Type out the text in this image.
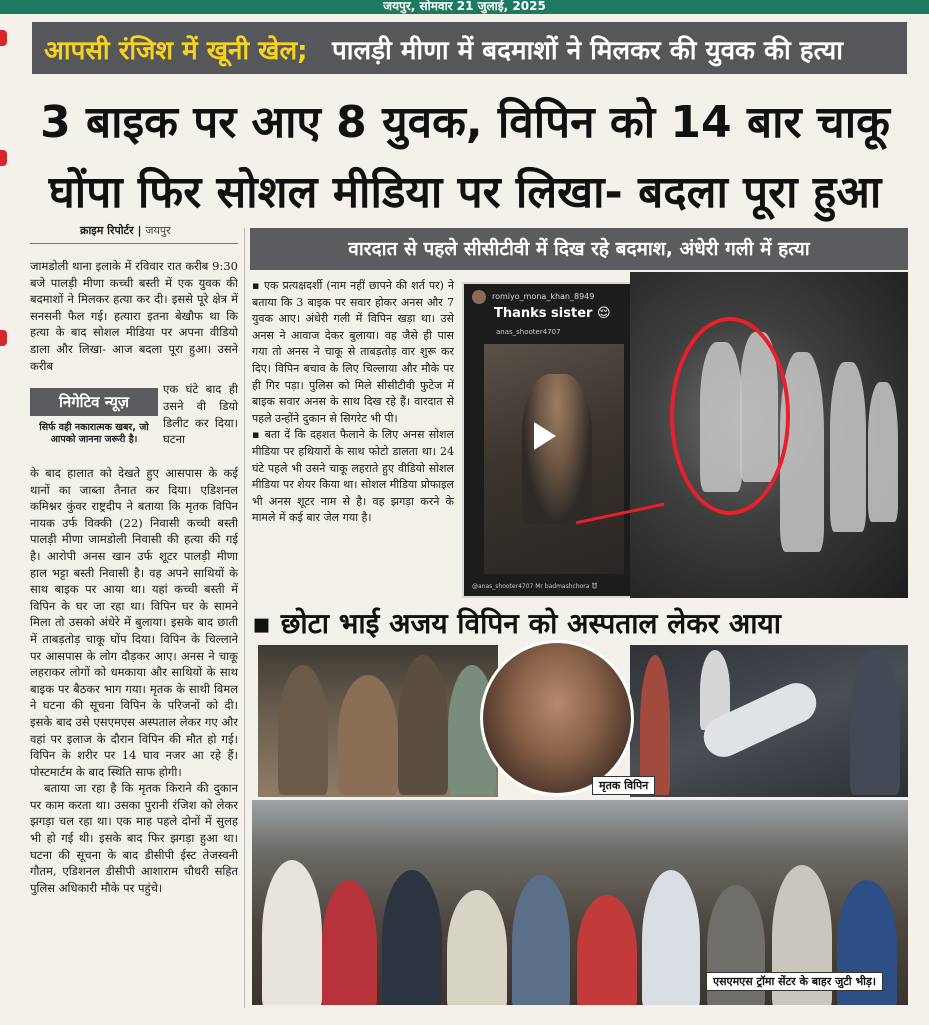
जयपुर, सोमवार 21 जुलाई, 2025
आपसी रंजिश में खूनी खेल; पालड़ी मीणा में बदमाशों ने मिलकर की युवक की हत्या
3 बाइक पर आए 8 युवक, विपिन को 14 बार चाकू
घोंपा फिर सोशल मीडिया पर लिखा- बदला पूरा हुआ
क्राइम रिपोर्टर | जयपुर
जामडोली थाना इलाके में रविवार रात करीब 9:30 बजे पालड़ी मीणा कच्ची बस्ती में एक युवक की बदमाशों ने मिलकर हत्या कर दी। इससे पूरे क्षेत्र में सनसनी फैल गई। हत्यारा इतना बेखौफ था कि हत्या के बाद सोशल मीडिया पर अपना वीडियो डाला और लिखा- आज बदला पूरा हुआ। उसने करीब
निगेटिव न्यूज़
सिर्फ वही नकारात्मक खबर, जो आपको जानना जरूरी है।
एक घंटे बाद ही उसने वी डियो डिलीट कर दिया। घटना
के बाद हालात को देखते हुए आसपास के कई थानों का जाब्ता तैनात कर दिया। एडिशनल कमिश्नर कुंवर राष्ट्रदीप ने बताया कि मृतक विपिन नायक उर्फ विक्की (22) निवासी कच्ची बस्ती पालड़ी मीणा जामडोली निवासी की हत्या की गई है। आरोपी अनस खान उर्फ शूटर पालड़ी मीणा हाल भट्टा बस्ती निवासी है। वह अपने साथियों के साथ बाइक पर आया था। यहां कच्ची बस्ती में विपिन के घर जा रहा था। विपिन घर के सामने मिला तो उसको अंधेरे में बुलाया। इसके बाद छाती में ताबड़तोड़ चाकू घोंप दिया। विपिन के चिल्लाने पर आसपास के लोग दौड़कर आए। अनस ने चाकू लहराकर लोगों को धमकाया और साथियों के साथ बाइक पर बैठकर भाग गया। मृतक के साथी विमल ने घटना की सूचना विपिन के परिजनों को दी। इसके बाद उसे एसएमएस अस्पताल लेकर गए और वहां पर इलाज के दौरान विपिन की मौत हो गई। विपिन के शरीर पर 14 घाव नजर आ रहे हैं। पोस्टमार्टम के बाद स्थिति साफ होगी।
बताया जा रहा है कि मृतक किराने की दुकान पर काम करता था। उसका पुरानी रंजिश को लेकर झगड़ा चल रहा था। एक माह पहले दोनों में सुलह भी हो गई थी। इसके बाद फिर झगड़ा हुआ था। घटना की सूचना के बाद डीसीपी ईस्ट तेजस्वनी गौतम, एडिशनल डीसीपी आशाराम चौधरी सहित पुलिस अधिकारी मौके पर पहुंचे।
वारदात से पहले सीसीटीवी में दिख रहे बदमाश, अंधेरी गली में हत्या
▪ एक प्रत्यक्षदर्शी (नाम नहीं छापने की शर्त पर) ने बताया कि 3 बाइक पर सवार होकर अनस और 7 युवक आए। अंधेरी गली में विपिन खड़ा था। उसे अनस ने आवाज देकर बुलाया। वह जैसे ही पास गया तो अनस ने चाकू से ताबड़तोड़ वार शुरू कर दिए। विपिन बचाव के लिए चिल्लाया और मौके पर ही गिर पड़ा। पुलिस को मिले सीसीटीवी फुटेज में बाइक सवार अनस के साथ दिख रहे हैं। वारदात से पहले उन्होंने दुकान से सिगरेट भी पी।
▪ बता दें कि दहशत फैलाने के लिए अनस सोशल मीडिया पर हथियारों के साथ फोटो डालता था। 24 घंटे पहले भी उसने चाकू लहराते हुए वीडियो सोशल मीडिया पर शेयर किया था। सोशल मीडिया प्रोफाइल भी अनस शूटर नाम से है। वह झगड़ा करने के मामले में कई बार जेल गया है।
romiyo_mona_khan_8949
Thanks sister 😌
anas_shooter4707
@anas_shooter4707 Mr badmashchora 😈
▪ छोटा भाई अजय विपिन को अस्पताल लेकर आया
मृतक विपिन
एसएमएस ट्रॉमा सेंटर के बाहर जुटी भीड़।
